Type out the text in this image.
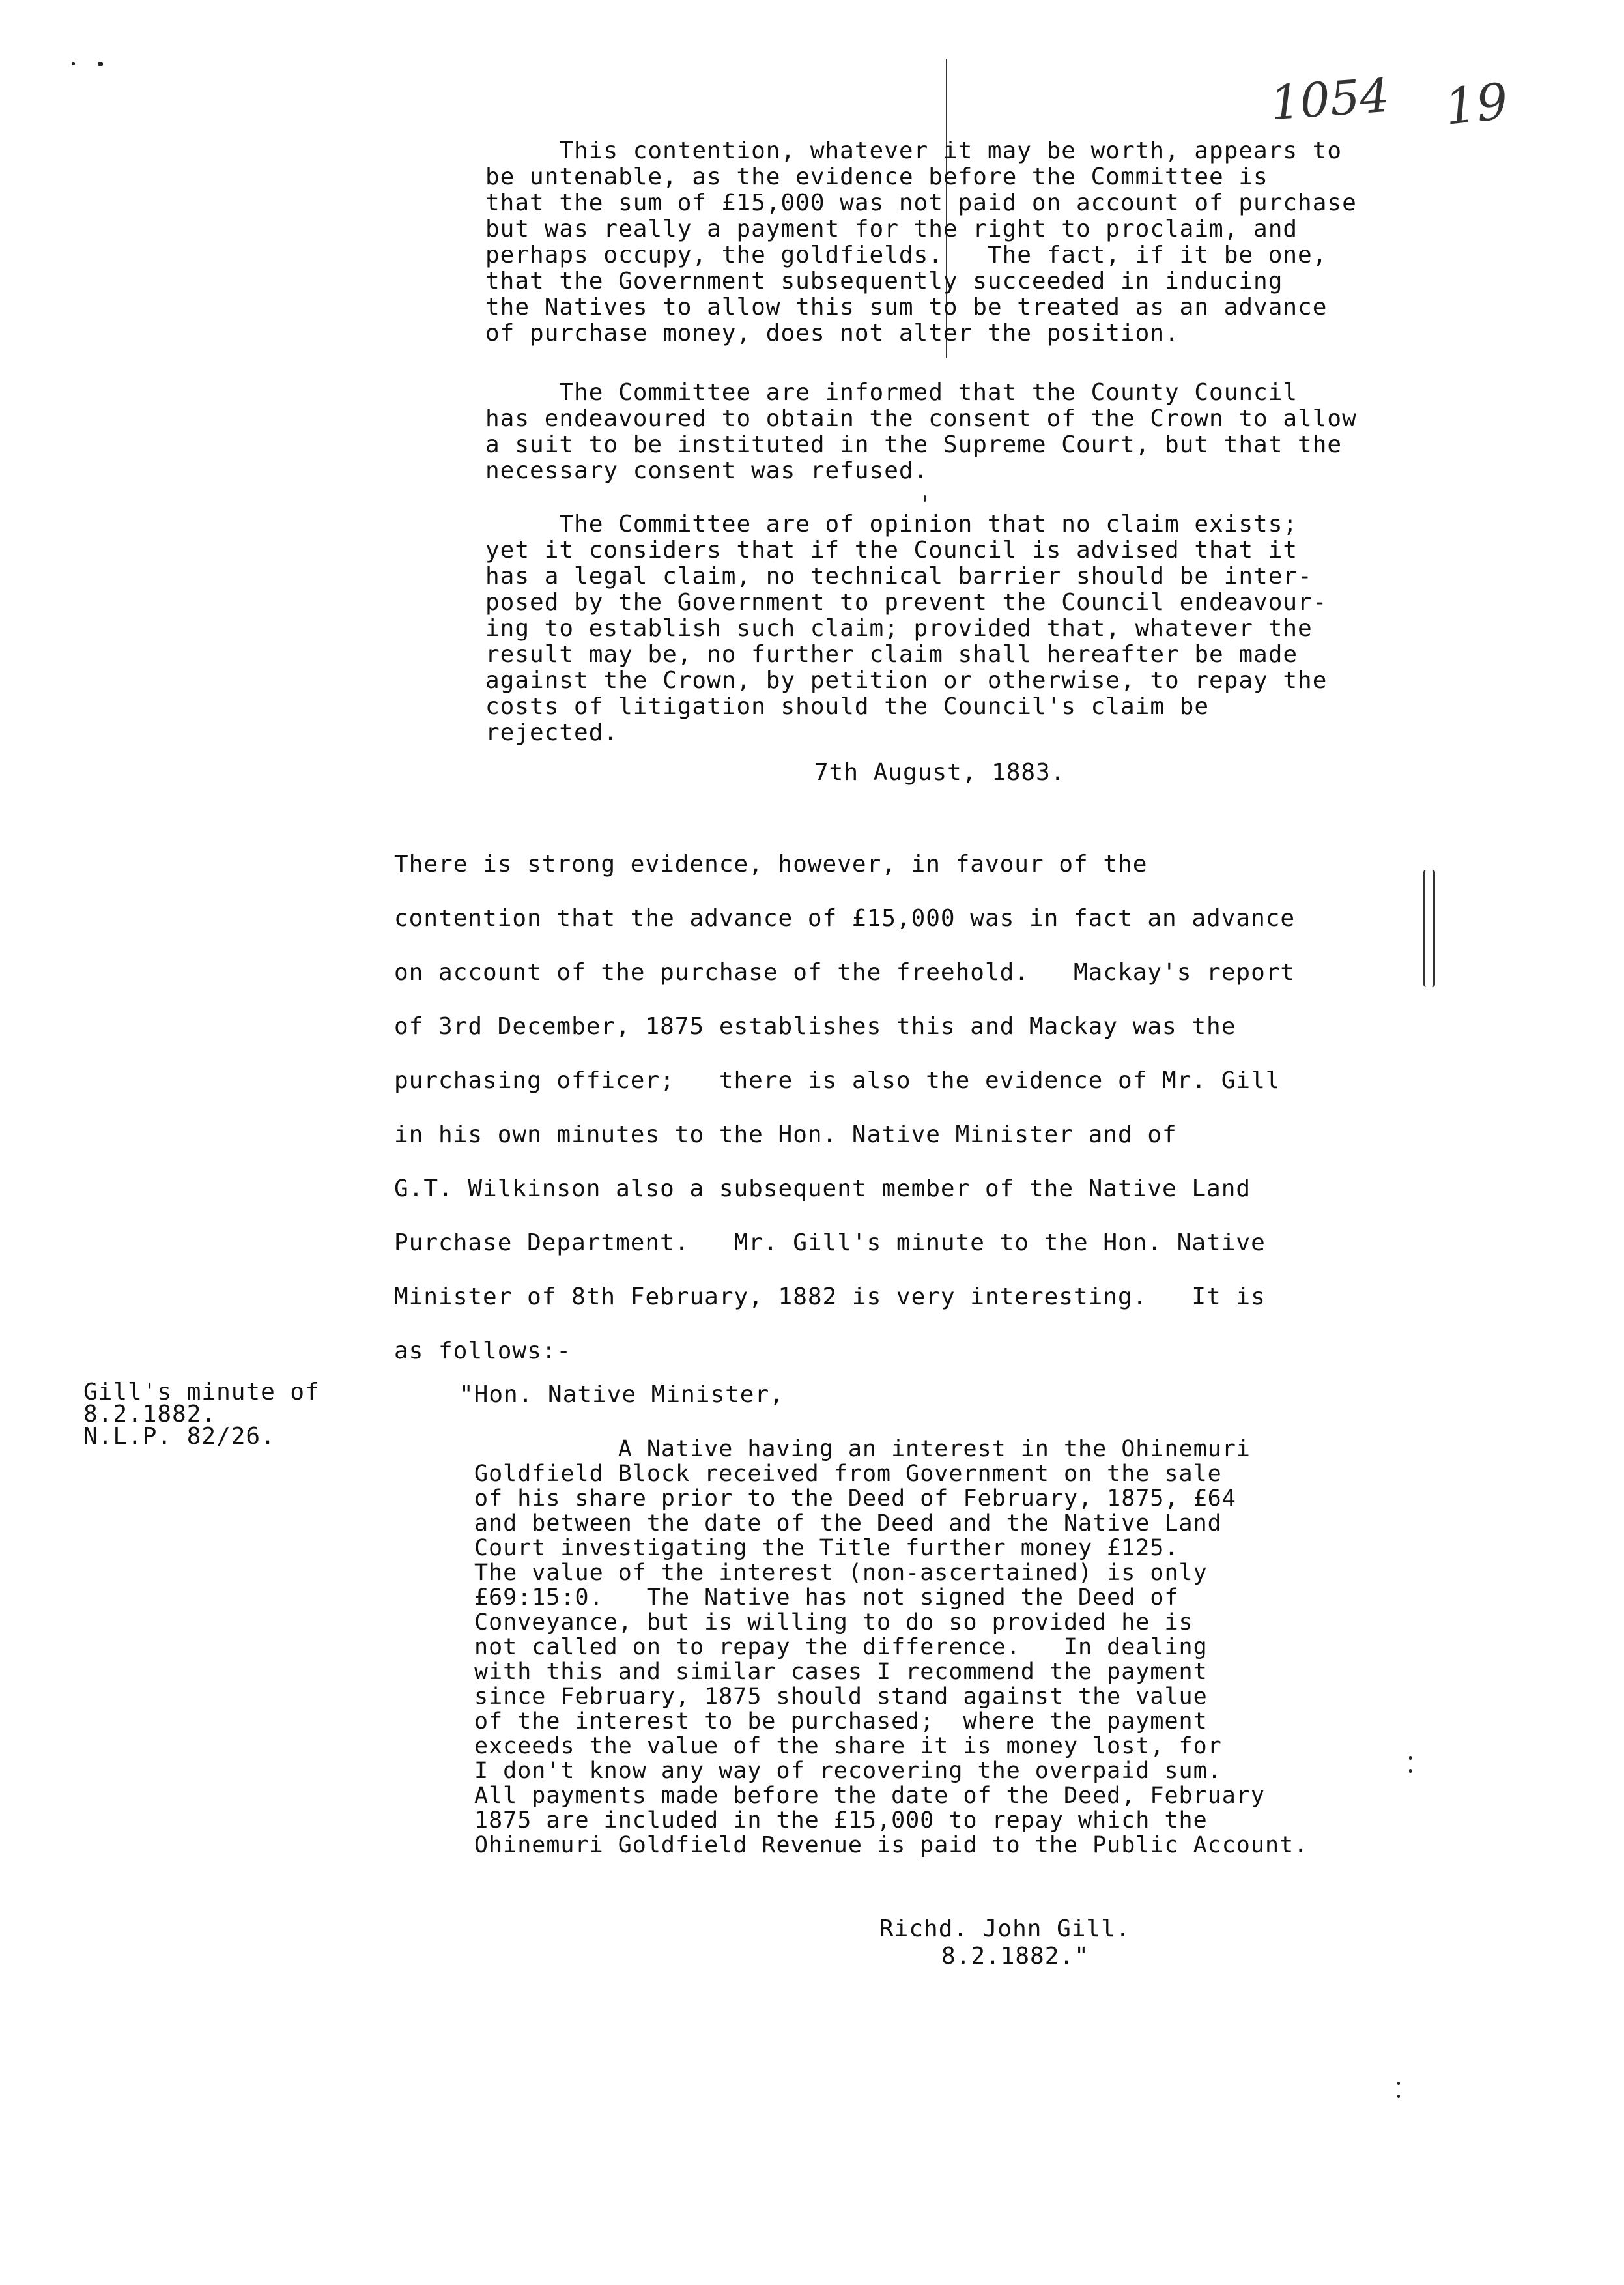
1054 19

This contention, whatever it may be worth, appears to

be untenable, as the evidence before the Committee is

that the sum of £15,000 was not paid on account of purchase

but was really a payment for the right to proclaim, and

perhaps occupy, the goldfields.   The fact, if it be one,

that the Government subsequently succeeded in inducing

the Natives to allow this sum to be treated as an advance

of purchase money, does not alter the position.

The Committee are informed that the County Council

has endeavoured to obtain the consent of the Crown to allow

a suit to be instituted in the Supreme Court, but that the

necessary consent was refused.

The Committee are of opinion that no claim exists;

yet it considers that if the Council is advised that it

has a legal claim, no technical barrier should be inter-

posed by the Government to prevent the Council endeavour-

ing to establish such claim; provided that, whatever the

result may be, no further claim shall hereafter be made

against the Crown, by petition or otherwise, to repay the

costs of litigation should the Council's claim be

rejected.

7th August, 1883.

There is strong evidence, however, in favour of the

contention that the advance of £15,000 was in fact an advance

on account of the purchase of the freehold.   Mackay's report

of 3rd December, 1875 establishes this and Mackay was the

purchasing officer;   there is also the evidence of Mr. Gill

in his own minutes to the Hon. Native Minister and of

G.T. Wilkinson also a subsequent member of the Native Land

Purchase Department.   Mr. Gill's minute to the Hon. Native

Minister of 8th February, 1882 is very interesting.   It is

as follows:-

Gill's minute of

8.2.1882.

N.L.P. 82/26.

"Hon. Native Minister,

A Native having an interest in the Ohinemuri

Goldfield Block received from Government on the sale

of his share prior to the Deed of February, 1875, £64

and between the date of the Deed and the Native Land

Court investigating the Title further money £125.

The value of the interest (non-ascertained) is only

£69:15:0.   The Native has not signed the Deed of

Conveyance, but is willing to do so provided he is

not called on to repay the difference.   In dealing

with this and similar cases I recommend the payment

since February, 1875 should stand against the value

of the interest to be purchased;  where the payment

exceeds the value of the share it is money lost, for

I don't know any way of recovering the overpaid sum.

All payments made before the date of the Deed, February

1875 are included in the £15,000 to repay which the

Ohinemuri Goldfield Revenue is paid to the Public Account.

Richd. John Gill.
8.2.1882."
